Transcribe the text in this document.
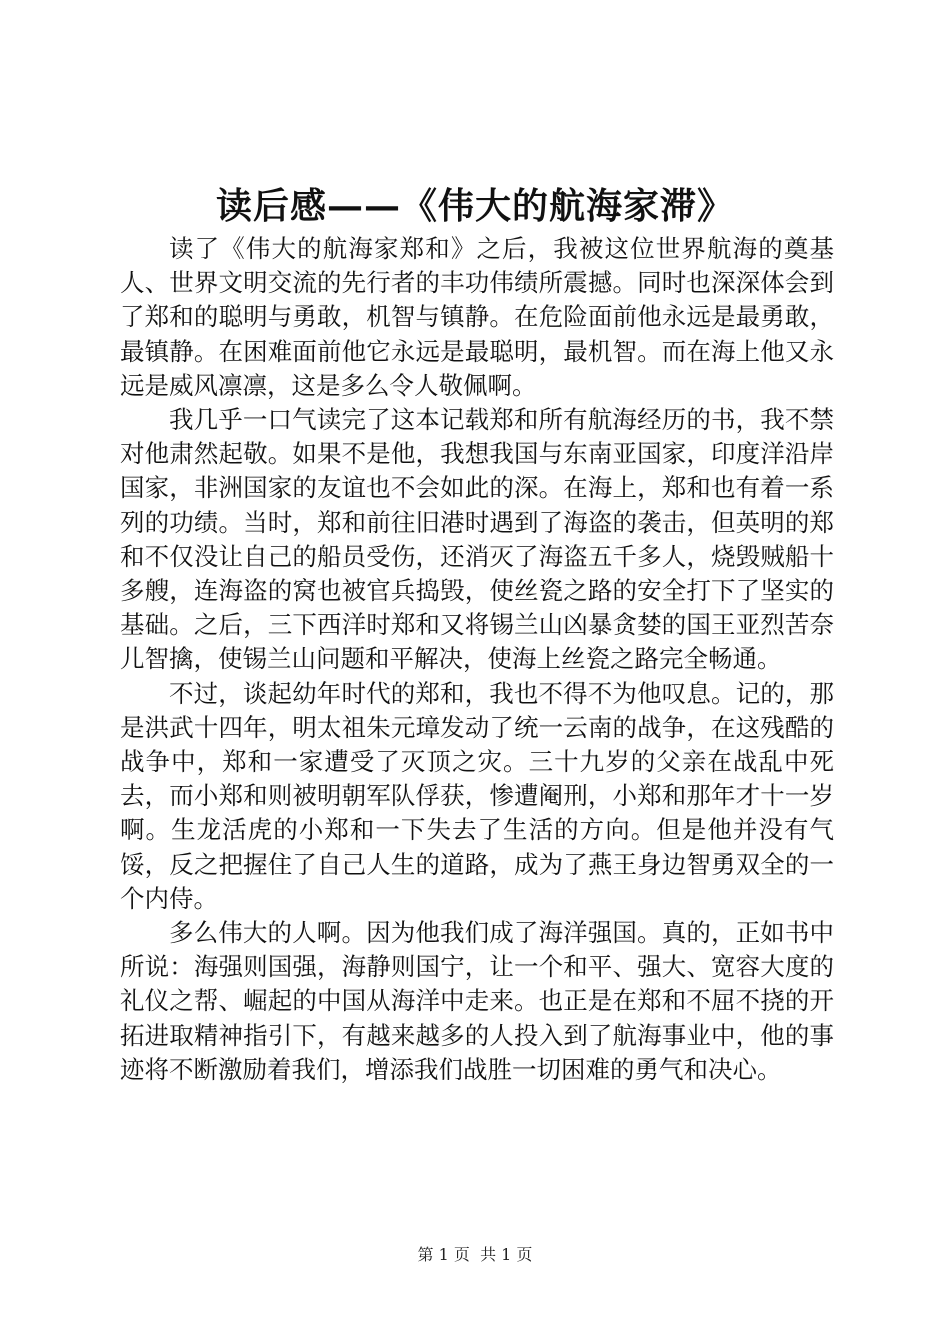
读后感——《伟大的航海家滞》

读了《伟大的航海家郑和》之后，我被这位世界航海的奠基人、世界文明交流的先行者的丰功伟绩所震撼。同时也深深体会到了郑和的聪明与勇敢，机智与镇静。在危险面前他永远是最勇敢，最镇静。在困难面前他它永远是最聪明，最机智。而在海上他又永远是威风凛凛，这是多么令人敬佩啊。

我几乎一口气读完了这本记载郑和所有航海经历的书，我不禁对他肃然起敬。如果不是他，我想我国与东南亚国家，印度洋沿岸国家，非洲国家的友谊也不会如此的深。在海上，郑和也有着一系列的功绩。当时，郑和前往旧港时遇到了海盗的袭击，但英明的郑和不仅没让自己的船员受伤，还消灭了海盗五千多人，烧毁贼船十多艘，连海盗的窝也被官兵捣毁，使丝瓷之路的安全打下了坚实的基础。之后，三下西洋时郑和又将锡兰山凶暴贪婪的国王亚烈苦奈儿智擒，使锡兰山问题和平解决，使海上丝瓷之路完全畅通。

不过，谈起幼年时代的郑和，我也不得不为他叹息。记的，那是洪武十四年，明太祖朱元璋发动了统一云南的战争，在这残酷的战争中，郑和一家遭受了灭顶之灾。三十九岁的父亲在战乱中死去，而小郑和则被明朝军队俘获，惨遭阉刑，小郑和那年才十一岁啊。生龙活虎的小郑和一下失去了生活的方向。但是他并没有气馁，反之把握住了自己人生的道路，成为了燕王身边智勇双全的一个内侍。

多么伟大的人啊。因为他我们成了海洋强国。真的，正如书中所说：海强则国强，海静则国宁，让一个和平、强大、宽容大度的礼仪之帮、崛起的中国从海洋中走来。也正是在郑和不屈不挠的开拓进取精神指引下，有越来越多的人投入到了航海事业中，他的事迹将不断激励着我们，增添我们战胜一切困难的勇气和决心。

第 1 页  共 1 页
